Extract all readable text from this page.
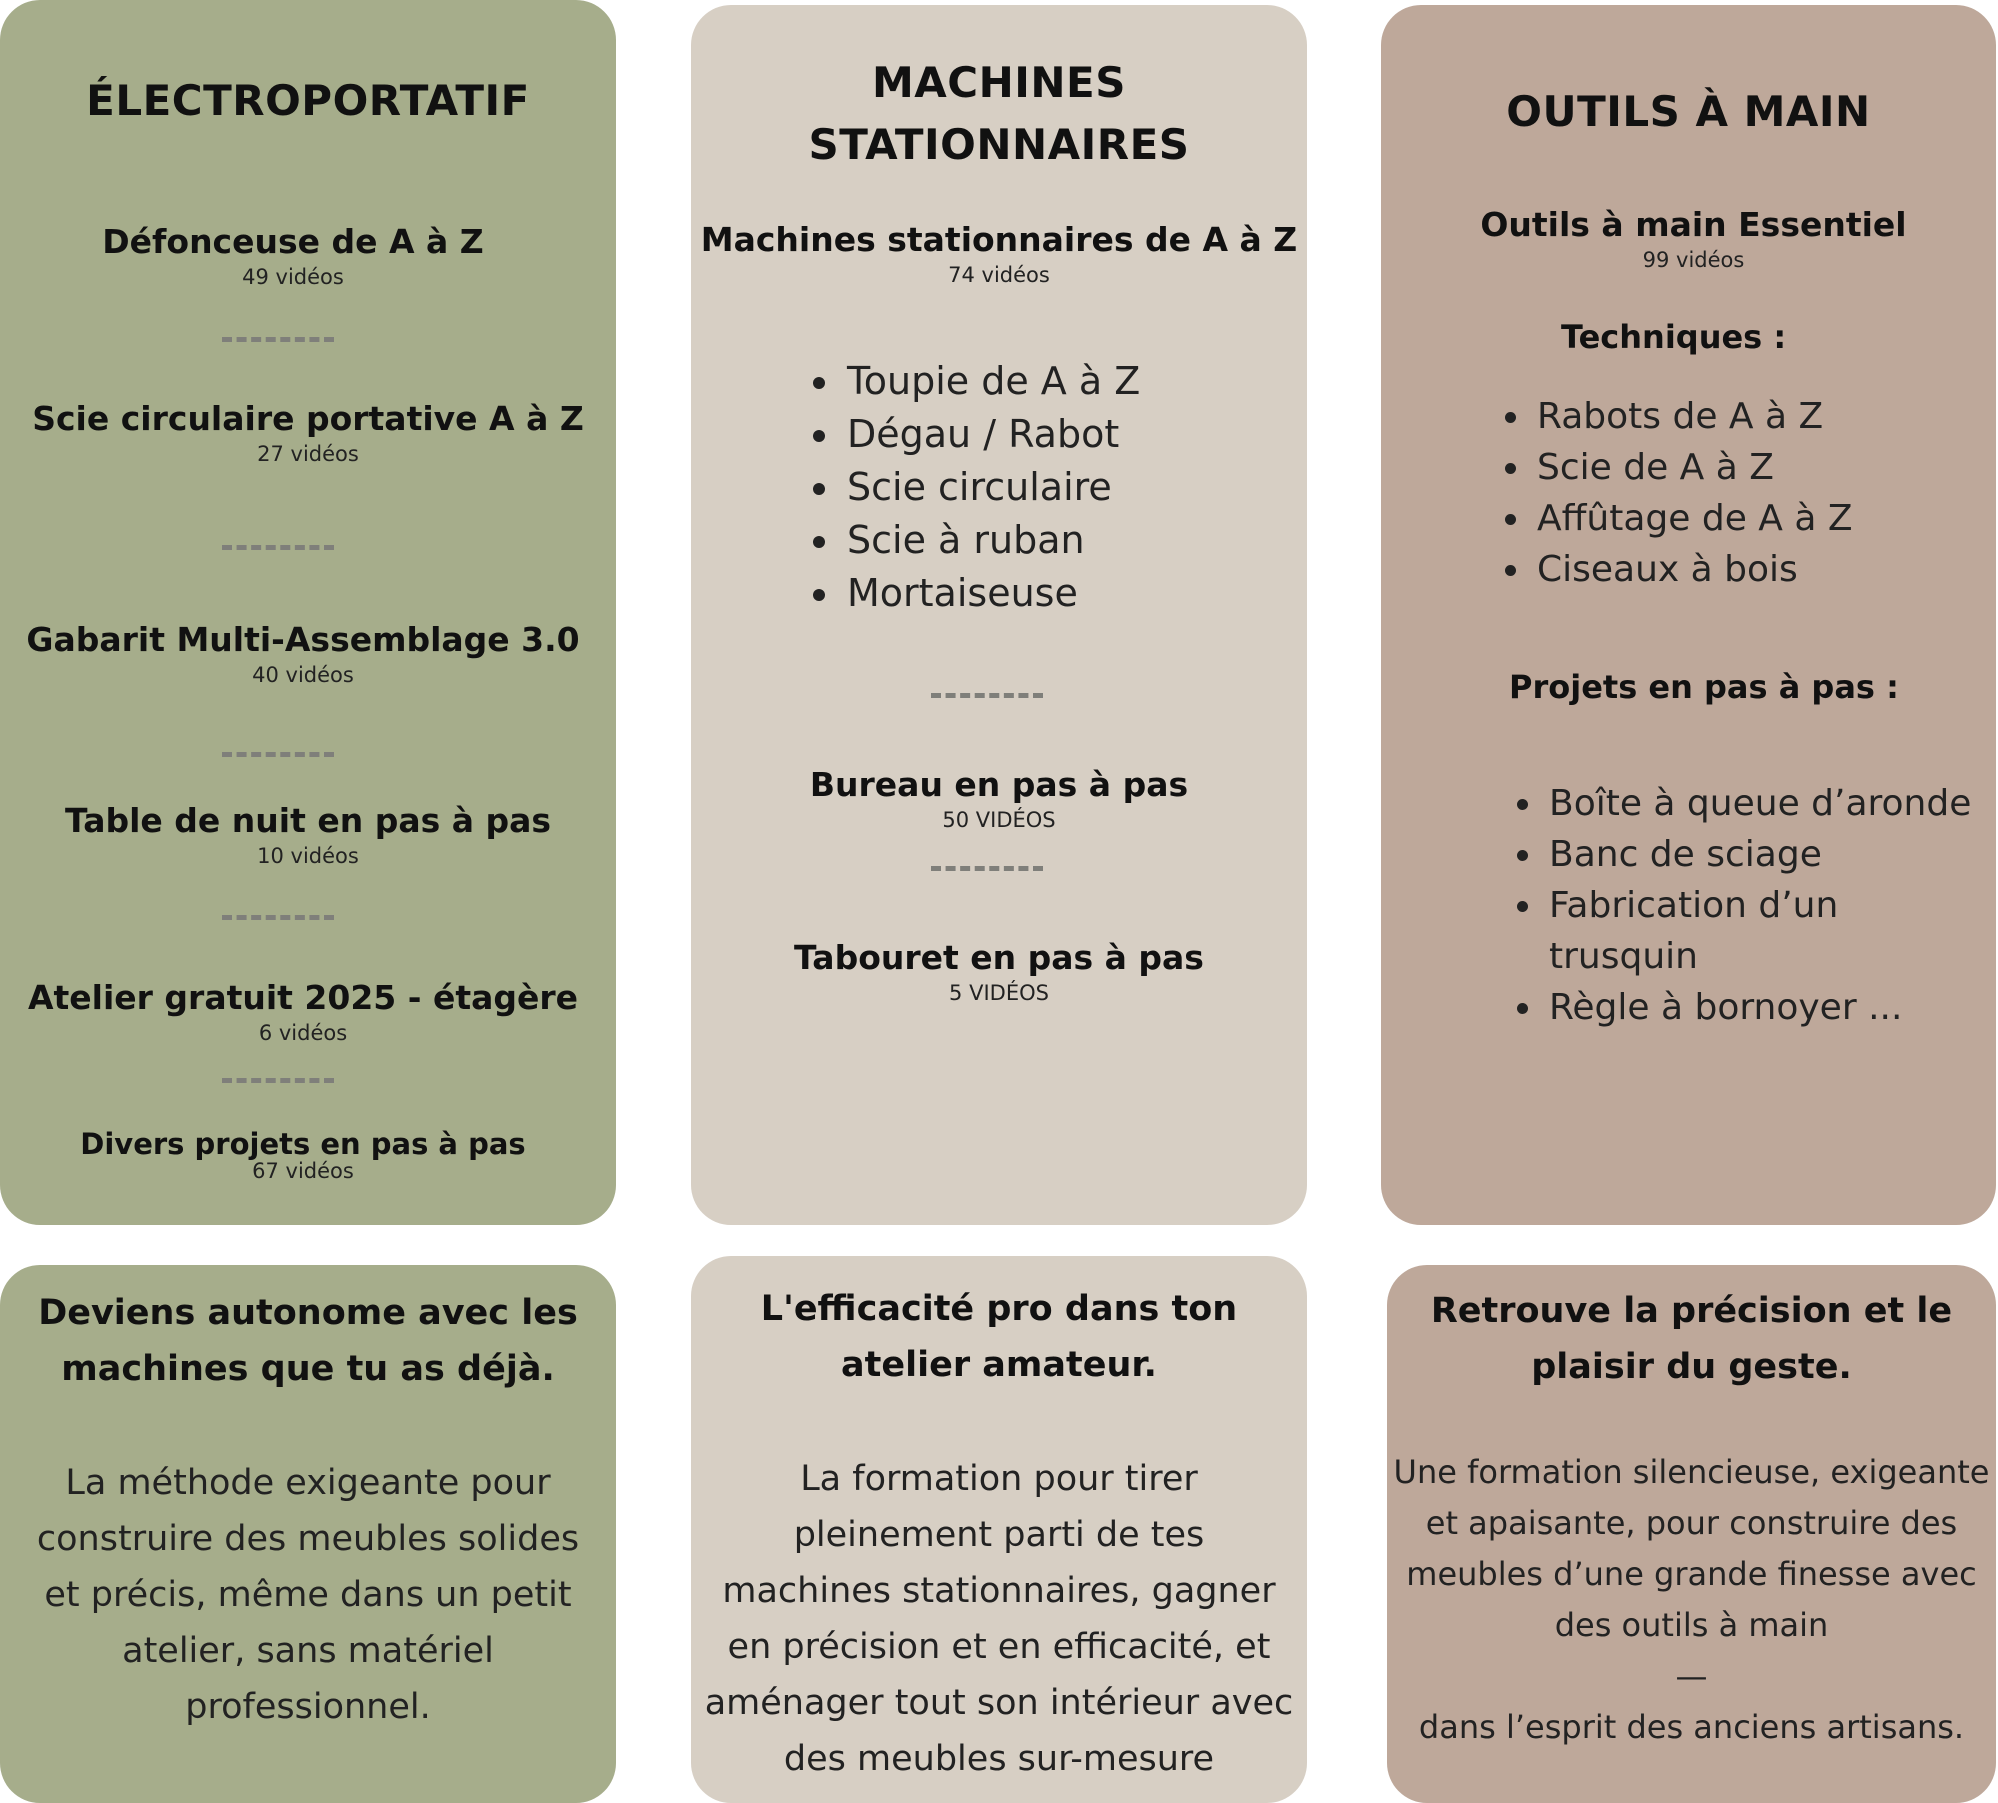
ÉLECTROPORTATIF
Défonceuse de A à Z
49 vidéos
Scie circulaire portative A à Z
27 vidéos
Gabarit Multi-Assemblage 3.0
40 vidéos
Table de nuit en pas à pas
10 vidéos
Atelier gratuit 2025 - étagère
6 vidéos
Divers projets en pas à pas
67 vidéos
MACHINES
STATIONNAIRES
Machines stationnaires de A à Z
74 vidéos
• Toupie de A à Z
• Dégau / Rabot
• Scie circulaire
• Scie à ruban
• Mortaiseuse
Bureau en pas à pas
50 VIDÉOS
Tabouret en pas à pas
5 VIDÉOS
OUTILS À MAIN
Outils à main Essentiel
99 vidéos
Techniques :
• Rabots de A à Z
• Scie de A à Z
• Affûtage de A à Z
• Ciseaux à bois
Projets en pas à pas :
• Boîte à queue d’aronde
• Banc de sciage
• Fabrication d’un trusquin
• Règle à bornoyer ...
Deviens autonome avec les
machines que tu as déjà.
La méthode exigeante pour
construire des meubles solides
et précis, même dans un petit
atelier, sans matériel
professionnel.
L'efficacité pro dans ton
atelier amateur.
La formation pour tirer
pleinement parti de tes
machines stationnaires, gagner
en précision et en efficacité, et
aménager tout son intérieur avec
des meubles sur-mesure
Retrouve la précision et le
plaisir du geste.
Une formation silencieuse, exigeante
et apaisante, pour construire des
meubles d’une grande finesse avec
des outils à main
—
dans l’esprit des anciens artisans.
